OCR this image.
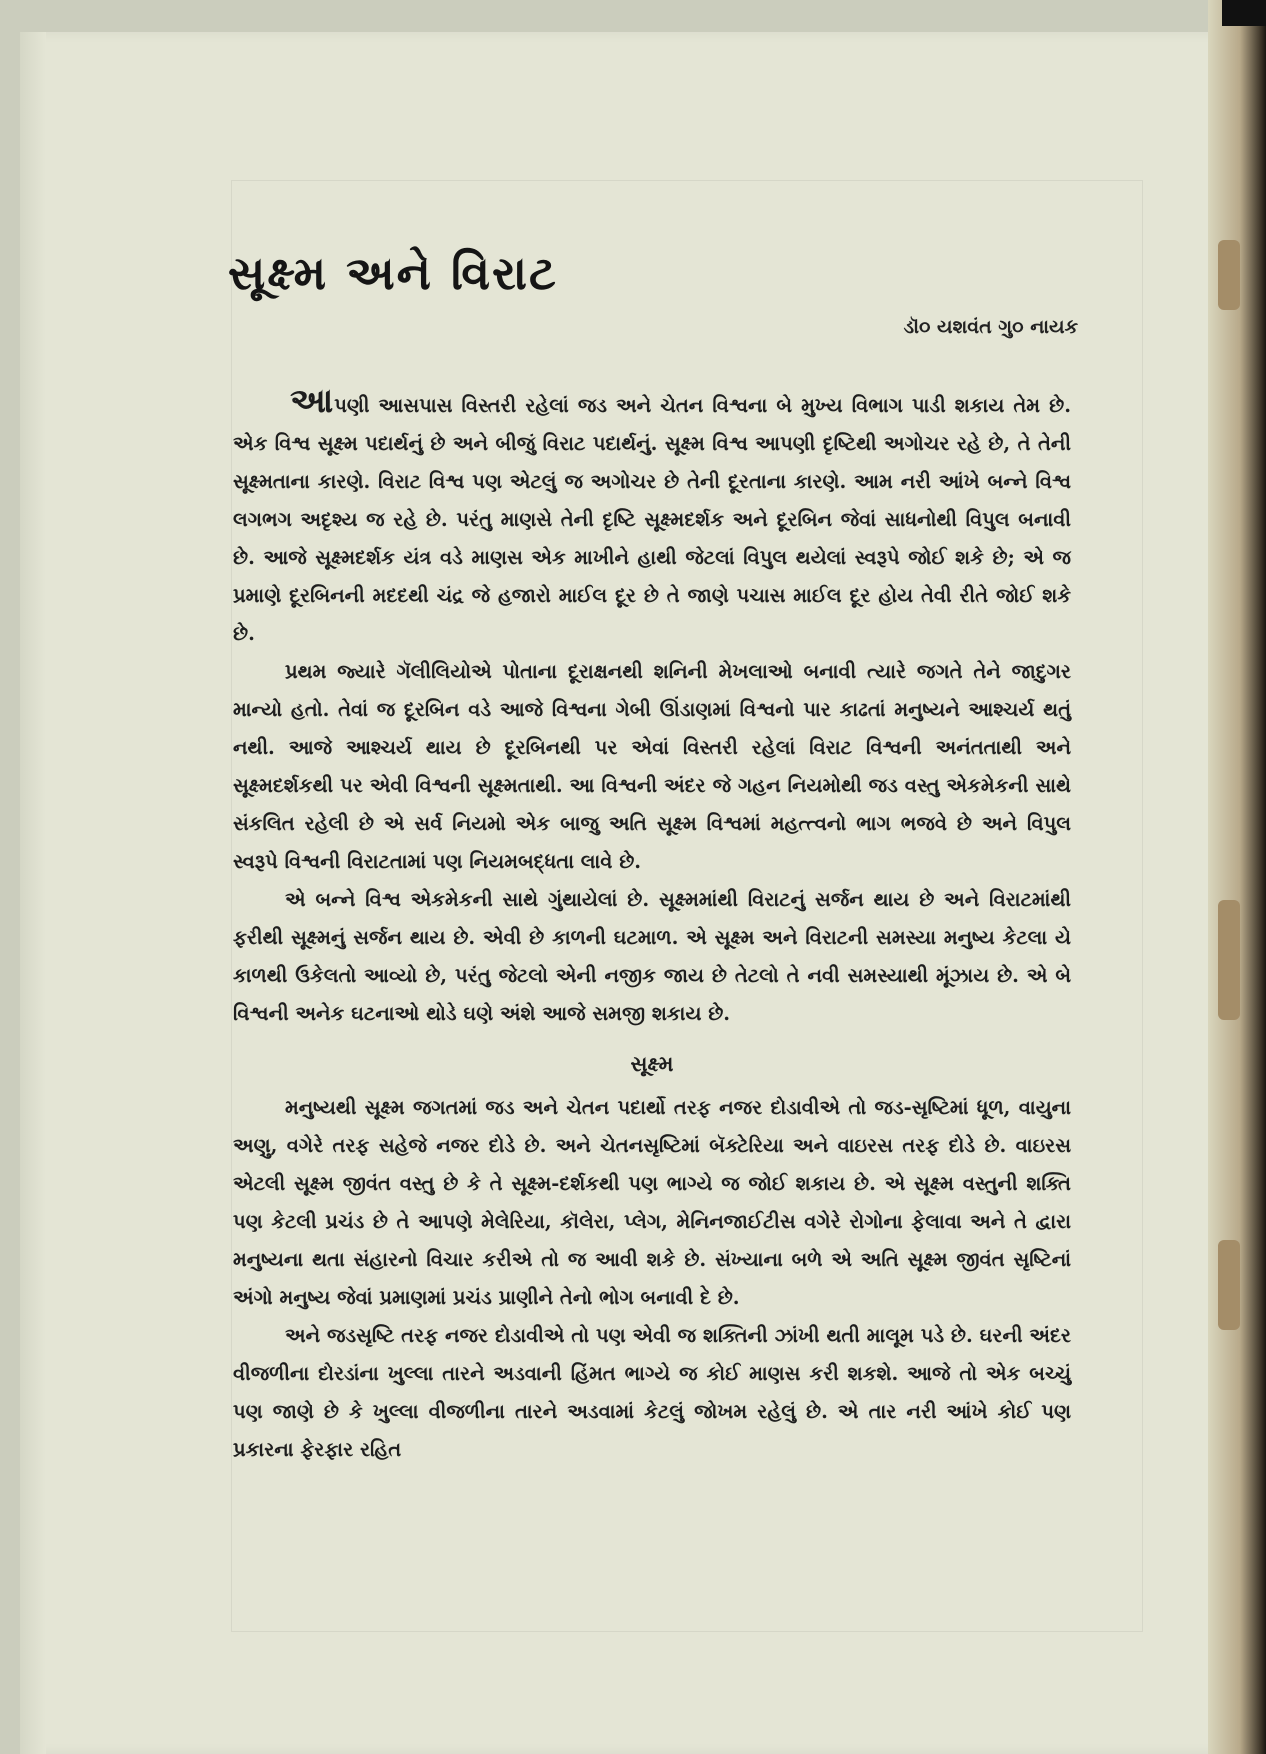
સૂક્ષ્મ અને વિરાટ

ડૉ૦ યશવંત ગુ૦ નાયક

આપણી આસપાસ વિસ્તરી રહેલાં જડ અને ચેતન વિશ્વના બે મુખ્ય વિભાગ પાડી શકાય તેમ છે. એક વિશ્વ સૂક્ષ્મ પદાર્થનું છે અને બીજું વિરાટ પદાર્થનું. સૂક્ષ્મ વિશ્વ આપણી દૃષ્ટિથી અગોચર રહે છે, તે તેની સૂક્ષ્મતાના કારણે. વિરાટ વિશ્વ પણ એટલું જ અગોચર છે તેની દૂરતાના કારણે. આમ નરી આંખે બન્ને વિશ્વ લગભગ અદૃશ્ય જ રહે છે. પરંતુ માણસે તેની દૃષ્ટિ સૂક્ષ્મદર્શક અને દૂરબિન જેવાં સાધનોથી વિપુલ બનાવી છે. આજે સૂક્ષ્મદર્શક યંત્ર વડે માણસ એક માખીને હાથી જેટલાં વિપુલ થયેલાં સ્વરૂપે જોઈ શકે છે; એ જ પ્રમાણે દૂરબિનની મદદથી ચંદ્ર જે હજારો માઈલ દૂર છે તે જાણે પચાસ માઈલ દૂર હોય તેવી રીતે જોઈ શકે છે.

પ્રથમ જ્યારે ગૅલીલિયોએ પોતાના દૂરાક્ષનથી શનિની મેખલાઓ બનાવી ત્યારે જગતે તેને જાદુગર માન્યો હતો. તેવાં જ દૂરબિન વડે આજે વિશ્વના ગેબી ઊંડાણમાં વિશ્વનો પાર કાઢતાં મનુષ્યને આશ્ચર્ય થતું નથી. આજે આશ્ચર્ય થાય છે દૂરબિનથી પર એવાં વિસ્તરી રહેલાં વિરાટ વિશ્વની અનંતતાથી અને સૂક્ષ્મદર્શકથી પર એવી વિશ્વની સૂક્ષ્મતાથી. આ વિશ્વની અંદર જે ગહન નિયમોથી જડ વસ્તુ એકમેકની સાથે સંકલિત રહેલી છે એ સર્વ નિયમો એક બાજુ અતિ સૂક્ષ્મ વિશ્વમાં મહત્ત્વનો ભાગ ભજવે છે અને વિપુલ સ્વરૂપે વિશ્વની વિરાટતામાં પણ નિયમબદ્ધતા લાવે છે.

એ બન્ને વિશ્વ એકમેકની સાથે ગુંથાયેલાં છે. સૂક્ષ્મમાંથી વિરાટનું સર્જન થાય છે અને વિરાટમાંથી ફરીથી સૂક્ષ્મનું સર્જન થાય છે. એવી છે કાળની ઘટમાળ. એ સૂક્ષ્મ અને વિરાટની સમસ્યા મનુષ્ય કેટલા યે કાળથી ઉકેલતો આવ્યો છે, પરંતુ જેટલો એની નજીક જાય છે તેટલો તે નવી સમસ્યાથી મૂંઝાય છે. એ બે વિશ્વની અનેક ઘટનાઓ થોડે ઘણે અંશે આજે સમજી શકાય છે.

સૂક્ષ્મ

મનુષ્યથી સૂક્ષ્મ જગતમાં જડ અને ચેતન પદાર્થો તરફ નજર દોડાવીએ તો જડ-સૃષ્ટિમાં ધૂળ, વાયુના અણુ, વગેરે તરફ સહેજે નજર દોડે છે. અને ચેતનસૃષ્ટિમાં બૅક્ટેરિયા અને વાઇરસ તરફ દોડે છે. વાઇરસ એટલી સૂક્ષ્મ જીવંત વસ્તુ છે કે તે સૂક્ષ્મ-દર્શકથી પણ ભાગ્યે જ જોઈ શકાય છે. એ સૂક્ષ્મ વસ્તુની શક્તિ પણ કેટલી પ્રચંડ છે તે આપણે મેલેરિયા, કૉલેરા, પ્લેગ, મેનિનજાઈટીસ વગેરે રોગોના ફેલાવા અને તે દ્વારા મનુષ્યના થતા સંહારનો વિચાર કરીએ તો જ આવી શકે છે. સંખ્યાના બળે એ અતિ સૂક્ષ્મ જીવંત સૃષ્ટિનાં અંગો મનુષ્ય જેવાં પ્રમાણમાં પ્રચંડ પ્રાણીને તેનો ભોગ બનાવી દે છે.

અને જડસૃષ્ટિ તરફ નજર દોડાવીએ તો પણ એવી જ શક્તિની ઝાંખી થતી માલૂમ પડે છે. ઘરની અંદર વીજળીના દોરડાંના ખુલ્લા તારને અડવાની હિંમત ભાગ્યે જ કોઈ માણસ કરી શકશે. આજે તો એક બચ્ચું પણ જાણે છે કે ખુલ્લા વીજળીના તારને અડવામાં કેટલું જોખમ રહેલું છે. એ તાર નરી આંખે કોઈ પણ પ્રકારના ફેરફાર રહિત
